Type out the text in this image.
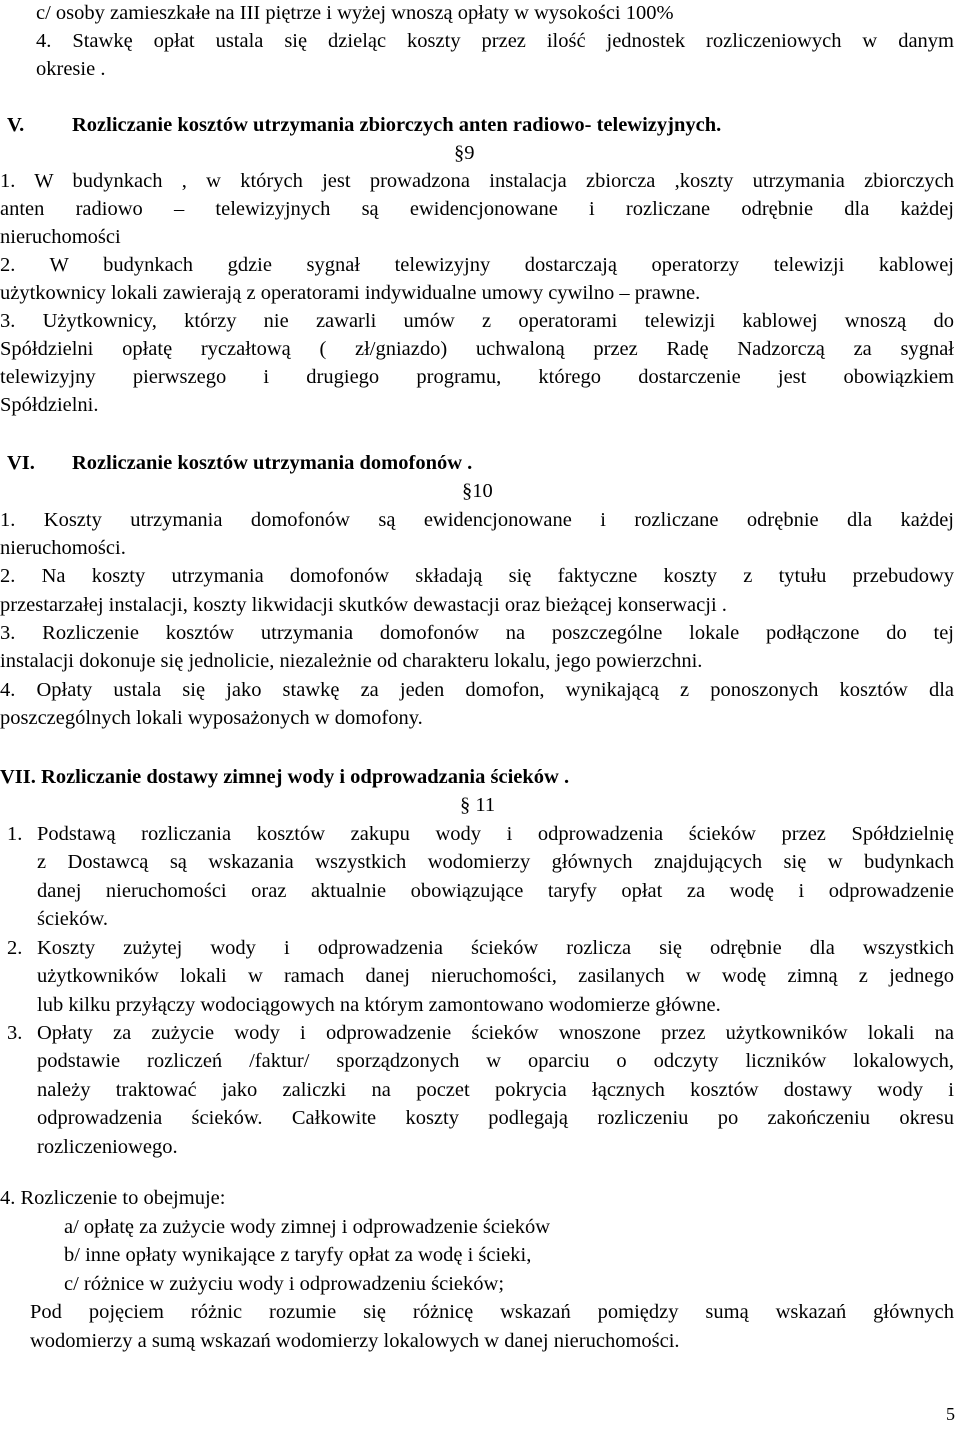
c/ osoby zamieszkałe na III piętrze i wyżej wnoszą opłaty w wysokości 100%
4. Stawkę opłat ustala się dzieląc koszty przez ilość jednostek rozliczeniowych w danym
okresie .
V. Rozliczanie kosztów utrzymania zbiorczych anten radiowo- telewizyjnych.
§9
1. W budynkach , w których jest prowadzona instalacja zbiorcza ,koszty utrzymania zbiorczych
anten radiowo – telewizyjnych są ewidencjonowane i rozliczane odrębnie dla każdej
nieruchomości
2. W budynkach gdzie sygnał telewizyjny dostarczają operatorzy telewizji kablowej
użytkownicy lokali zawierają z operatorami indywidualne umowy cywilno – prawne.
3. Użytkownicy, którzy nie zawarli umów z operatorami telewizji kablowej wnoszą do
Spółdzielni opłatę ryczałtową ( zł/gniazdo) uchwaloną przez Radę Nadzorczą za sygnał
telewizyjny pierwszego i drugiego programu, którego dostarczenie jest obowiązkiem
Spółdzielni.
VI. Rozliczanie kosztów utrzymania domofonów .
§10
1. Koszty utrzymania domofonów są ewidencjonowane i rozliczane odrębnie dla każdej
nieruchomości.
2. Na koszty utrzymania domofonów składają się faktyczne koszty z tytułu przebudowy
przestarzałej instalacji, koszty likwidacji skutków dewastacji oraz bieżącej konserwacji .
3. Rozliczenie kosztów utrzymania domofonów na poszczególne lokale podłączone do tej
instalacji dokonuje się jednolicie, niezależnie od charakteru lokalu, jego powierzchni.
4. Opłaty ustala się jako stawkę za jeden domofon, wynikającą z ponoszonych kosztów dla
poszczególnych lokali wyposażonych w domofony.
VII. Rozliczanie dostawy zimnej wody i odprowadzania ścieków .
§ 11
1. Podstawą rozliczania kosztów zakupu wody i odprowadzenia ścieków przez Spółdzielnię
z Dostawcą są wskazania wszystkich wodomierzy głównych znajdujących się w budynkach
danej nieruchomości oraz aktualnie obowiązujące taryfy opłat za wodę i odprowadzenie
ścieków.
2. Koszty zużytej wody i odprowadzenia ścieków rozlicza się odrębnie dla wszystkich
użytkowników lokali w ramach danej nieruchomości, zasilanych w wodę zimną z jednego
lub kilku przyłączy wodociągowych na którym zamontowano wodomierze główne.
3. Opłaty za zużycie wody i odprowadzenie ścieków wnoszone przez użytkowników lokali na
podstawie rozliczeń /faktur/ sporządzonych w oparciu o odczyty liczników lokalowych,
należy traktować jako zaliczki na poczet pokrycia łącznych kosztów dostawy wody i
odprowadzenia ścieków. Całkowite koszty podlegają rozliczeniu po zakończeniu okresu
rozliczeniowego.
4. Rozliczenie to obejmuje:
a/ opłatę za zużycie wody zimnej i odprowadzenie ścieków
b/ inne opłaty wynikające z taryfy opłat za wodę i ścieki,
c/ różnice w zużyciu wody i odprowadzeniu ścieków;
Pod pojęciem różnic rozumie się różnicę wskazań pomiędzy sumą wskazań głównych
wodomierzy a sumą wskazań wodomierzy lokalowych w danej nieruchomości.
5
